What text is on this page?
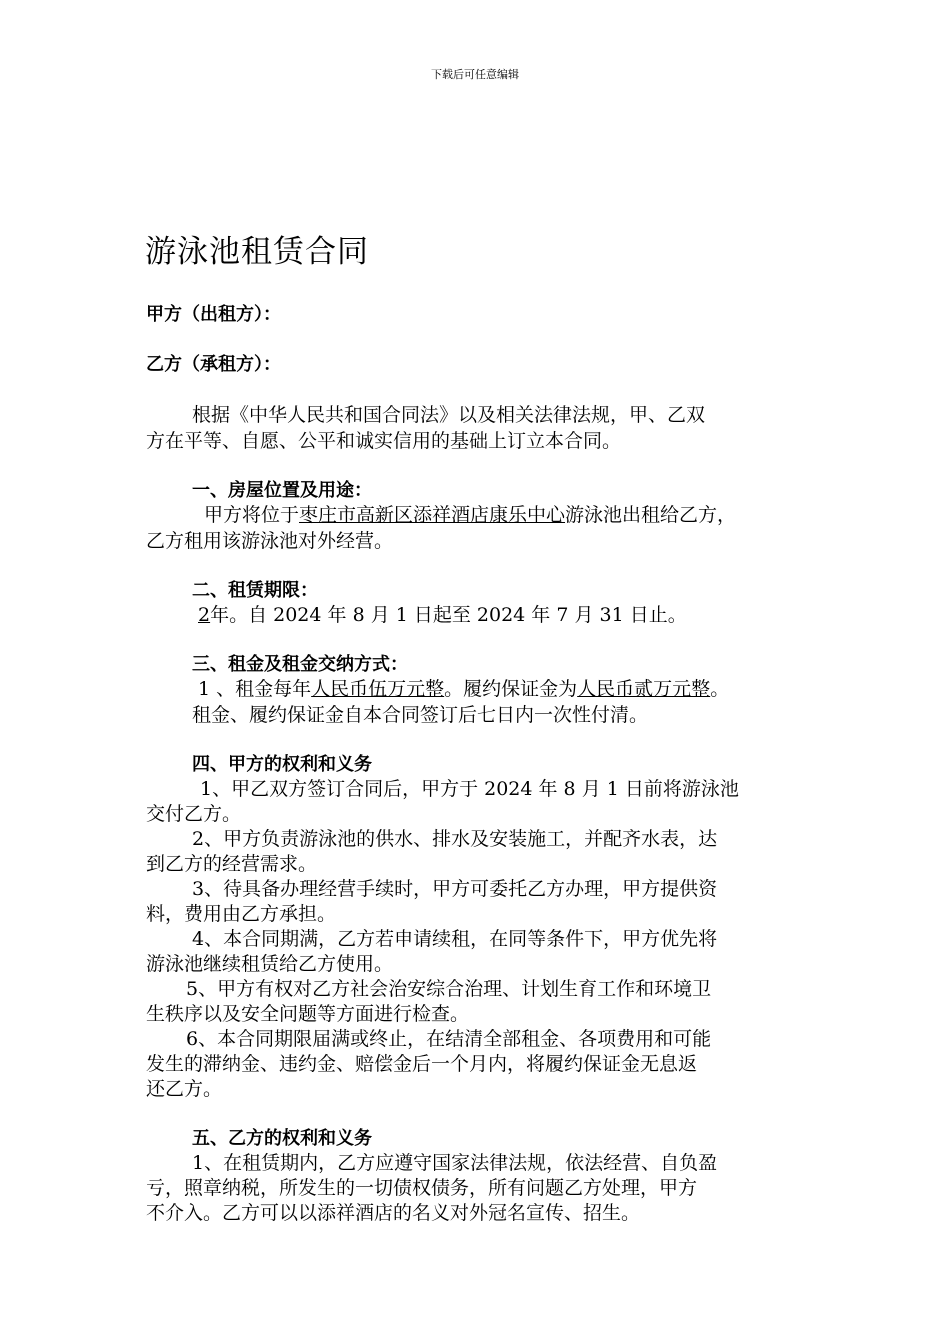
下载后可任意编辑
游泳池租赁合同
甲方（出租方）：
乙方（承租方）：
根据《中华人民共和国合同法》以及相关法律法规，甲、乙双
方在平等、自愿、公平和诚实信用的基础上订立本合同。
一、房屋位置及用途：
甲方将位于枣庄市高新区添祥酒店康乐中心游泳池出租给乙方，
乙方租用该游泳池对外经营。
二、租赁期限：
2年。自 2024 年 8 月 1 日起至 2024 年 7 月 31 日止。
三、租金及租金交纳方式：
1 、租金每年人民币伍万元整。履约保证金为人民币贰万元整。
租金、履约保证金自本合同签订后七日内一次性付清。
四、甲方的权利和义务
1、甲乙双方签订合同后，甲方于 2024 年 8 月 1 日前将游泳池
交付乙方。
2、甲方负责游泳池的供水、排水及安装施工，并配齐水表，达
到乙方的经营需求。
3、待具备办理经营手续时，甲方可委托乙方办理，甲方提供资
料，费用由乙方承担。
4、本合同期满，乙方若申请续租，在同等条件下，甲方优先将
游泳池继续租赁给乙方使用。
5、甲方有权对乙方社会治安综合治理、计划生育工作和环境卫
生秩序以及安全问题等方面进行检查。
6、本合同期限届满或终止，在结清全部租金、各项费用和可能
发生的滞纳金、违约金、赔偿金后一个月内，将履约保证金无息返
还乙方。
五、乙方的权利和义务
1、在租赁期内，乙方应遵守国家法律法规，依法经营、自负盈
亏，照章纳税，所发生的一切债权债务，所有问题乙方处理，甲方
不介入。乙方可以以添祥酒店的名义对外冠名宣传、招生。
